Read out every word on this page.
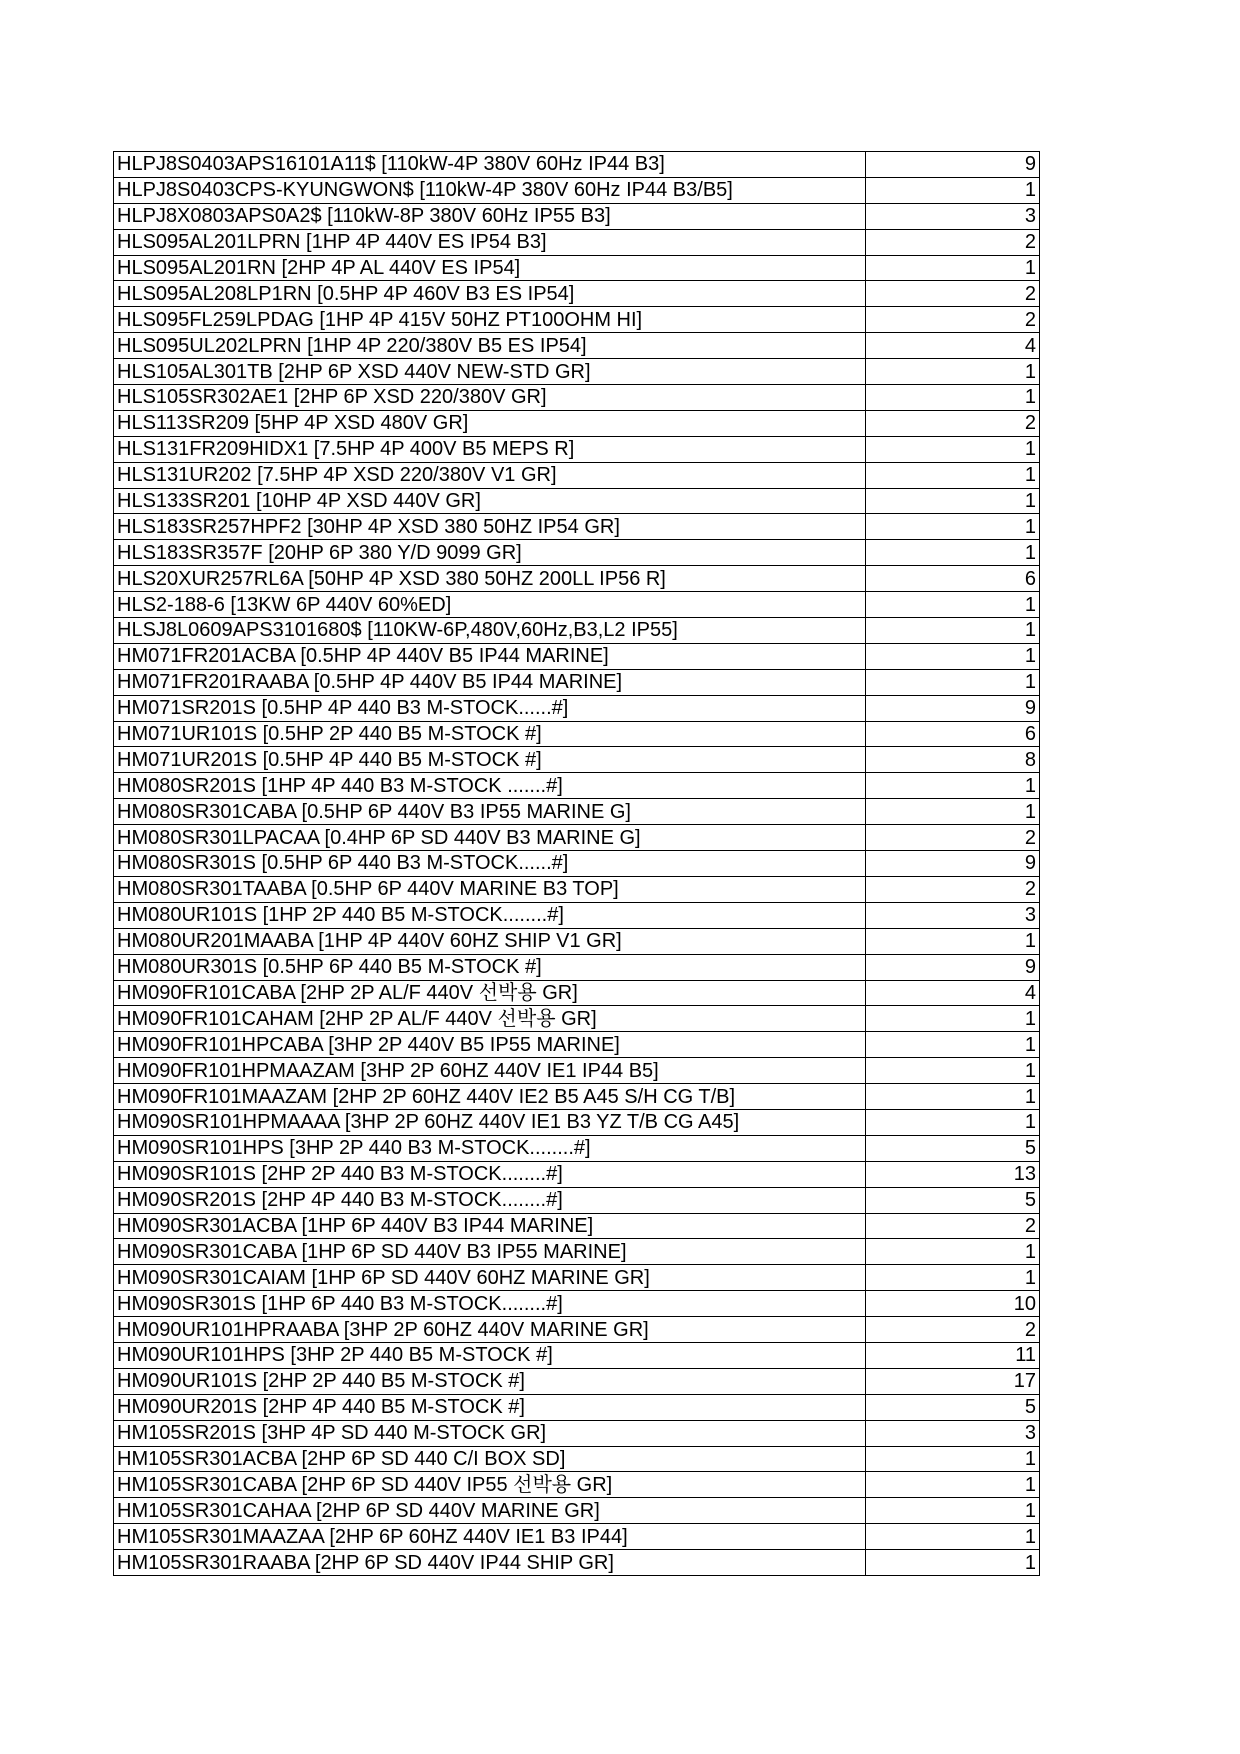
HLPJ8S0403APS16101A11$ [110kW-4P 380V 60Hz IP44 B3]	9
HLPJ8S0403CPS-KYUNGWON$ [110kW-4P 380V 60Hz IP44 B3/B5]	1
HLPJ8X0803APS0A2$ [110kW-8P 380V 60Hz IP55 B3]	3
HLS095AL201LPRN [1HP 4P 440V ES IP54 B3]	2
HLS095AL201RN [2HP 4P AL 440V ES IP54]	1
HLS095AL208LP1RN [0.5HP 4P 460V B3 ES IP54]	2
HLS095FL259LPDAG [1HP 4P 415V 50HZ PT100OHM HI]	2
HLS095UL202LPRN [1HP 4P 220/380V B5 ES IP54]	4
HLS105AL301TB [2HP 6P XSD 440V NEW-STD GR]	1
HLS105SR302AE1 [2HP 6P XSD 220/380V GR]	1
HLS113SR209 [5HP 4P XSD 480V GR]	2
HLS131FR209HIDX1 [7.5HP 4P 400V B5 MEPS R]	1
HLS131UR202 [7.5HP 4P XSD 220/380V V1 GR]	1
HLS133SR201 [10HP 4P XSD 440V GR]	1
HLS183SR257HPF2 [30HP 4P XSD 380 50HZ IP54 GR]	1
HLS183SR357F [20HP 6P 380 Y/D 9099 GR]	1
HLS20XUR257RL6A [50HP 4P XSD 380 50HZ 200LL IP56 R]	6
HLS2-188-6 [13KW 6P 440V 60%ED]	1
HLSJ8L0609APS3101680$ [110KW-6P,480V,60Hz,B3,L2 IP55]	1
HM071FR201ACBA [0.5HP 4P 440V B5 IP44 MARINE]	1
HM071FR201RAABA [0.5HP 4P 440V B5 IP44 MARINE]	1
HM071SR201S [0.5HP 4P 440 B3 M-STOCK......#]	9
HM071UR101S [0.5HP 2P 440 B5 M-STOCK #]	6
HM071UR201S [0.5HP 4P 440 B5 M-STOCK #]	8
HM080SR201S [1HP 4P 440 B3 M-STOCK .......#]	1
HM080SR301CABA [0.5HP 6P 440V B3 IP55 MARINE G]	1
HM080SR301LPACAA [0.4HP 6P SD 440V B3 MARINE G]	2
HM080SR301S [0.5HP 6P 440 B3 M-STOCK......#]	9
HM080SR301TAABA [0.5HP 6P 440V MARINE B3 TOP]	2
HM080UR101S [1HP 2P 440 B5 M-STOCK........#]	3
HM080UR201MAABA [1HP 4P 440V 60HZ SHIP V1 GR]	1
HM080UR301S [0.5HP 6P 440 B5 M-STOCK #]	9
HM090FR101CABA [2HP 2P AL/F 440V 선박용 GR]	4
HM090FR101CAHAM [2HP 2P AL/F 440V 선박용 GR]	1
HM090FR101HPCABA [3HP 2P 440V B5 IP55 MARINE]	1
HM090FR101HPMAAZAM [3HP 2P 60HZ 440V IE1 IP44 B5]	1
HM090FR101MAAZAM [2HP 2P 60HZ 440V IE2 B5 A45 S/H CG T/B]	1
HM090SR101HPMAAAA [3HP 2P 60HZ 440V IE1 B3 YZ T/B CG A45]	1
HM090SR101HPS [3HP 2P 440 B3 M-STOCK........#]	5
HM090SR101S [2HP 2P 440 B3 M-STOCK........#]	13
HM090SR201S [2HP 4P 440 B3 M-STOCK........#]	5
HM090SR301ACBA [1HP 6P 440V B3 IP44 MARINE]	2
HM090SR301CABA [1HP 6P SD 440V B3 IP55 MARINE]	1
HM090SR301CAIAM [1HP 6P SD 440V 60HZ MARINE GR]	1
HM090SR301S [1HP 6P 440 B3 M-STOCK........#]	10
HM090UR101HPRAABA [3HP 2P 60HZ 440V MARINE GR]	2
HM090UR101HPS [3HP 2P 440 B5 M-STOCK #]	11
HM090UR101S [2HP 2P 440 B5 M-STOCK #]	17
HM090UR201S [2HP 4P 440 B5 M-STOCK #]	5
HM105SR201S [3HP 4P SD 440 M-STOCK GR]	3
HM105SR301ACBA [2HP 6P SD 440 C/I BOX SD]	1
HM105SR301CABA [2HP 6P SD 440V IP55 선박용 GR]	1
HM105SR301CAHAA [2HP 6P SD 440V MARINE GR]	1
HM105SR301MAAZAA [2HP 6P 60HZ 440V IE1 B3 IP44]	1
HM105SR301RAABA [2HP 6P SD 440V IP44 SHIP GR]	1
